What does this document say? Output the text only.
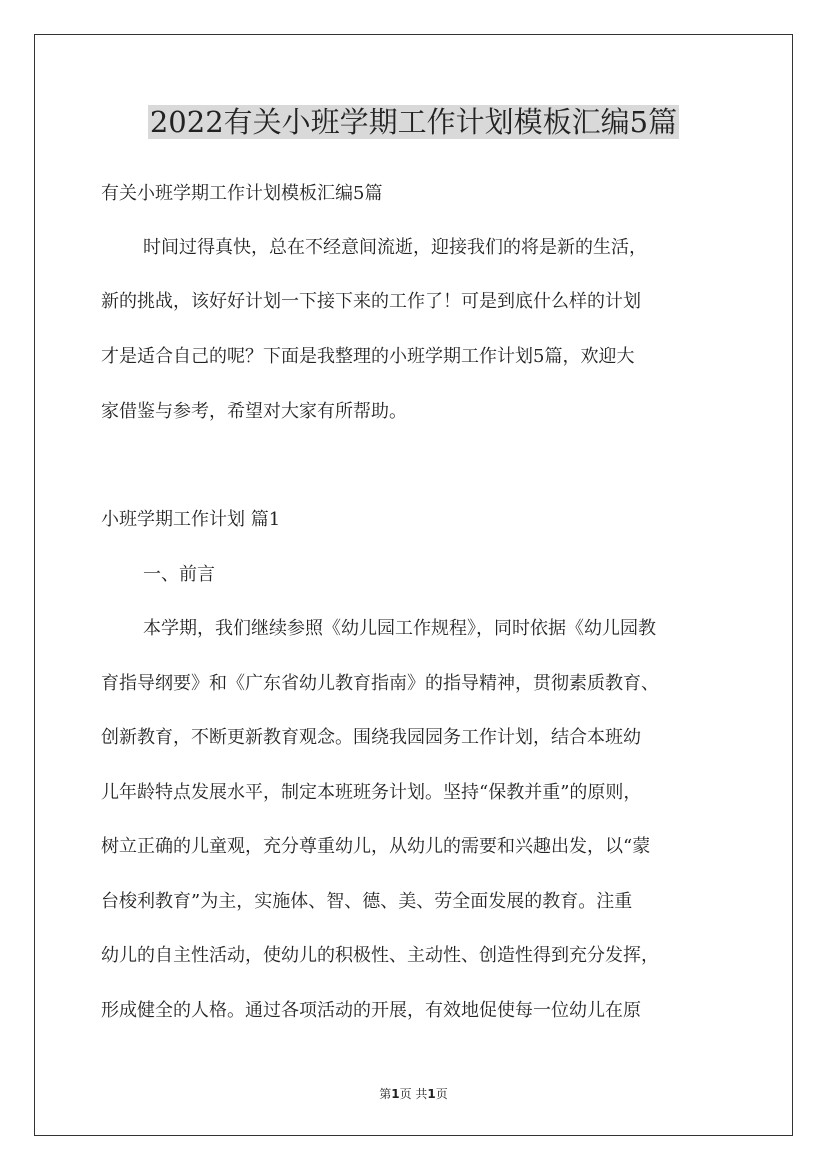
2022有关小班学期工作计划模板汇编5篇
有关小班学期工作计划模板汇编5篇
时间过得真快，总在不经意间流逝，迎接我们的将是新的生活，
新的挑战，该好好计划一下接下来的工作了！可是到底什么样的计划
才是适合自己的呢？下面是我整理的小班学期工作计划5篇，欢迎大
家借鉴与参考，希望对大家有所帮助。
小班学期工作计划 篇1
一、前言
本学期，我们继续参照《幼儿园工作规程》，同时依据《幼儿园教
育指导纲要》和《广东省幼儿教育指南》的指导精神，贯彻素质教育、
创新教育，不断更新教育观念。围绕我园园务工作计划，结合本班幼
儿年龄特点发展水平，制定本班班务计划。坚持“保教并重”的原则，
树立正确的儿童观，充分尊重幼儿，从幼儿的需要和兴趣出发，以“蒙
台梭利教育”为主，实施体、智、德、美、劳全面发展的教育。注重
幼儿的自主性活动，使幼儿的积极性、主动性、创造性得到充分发挥，
形成健全的人格。通过各项活动的开展，有效地促使每一位幼儿在原
第1页 共1页
